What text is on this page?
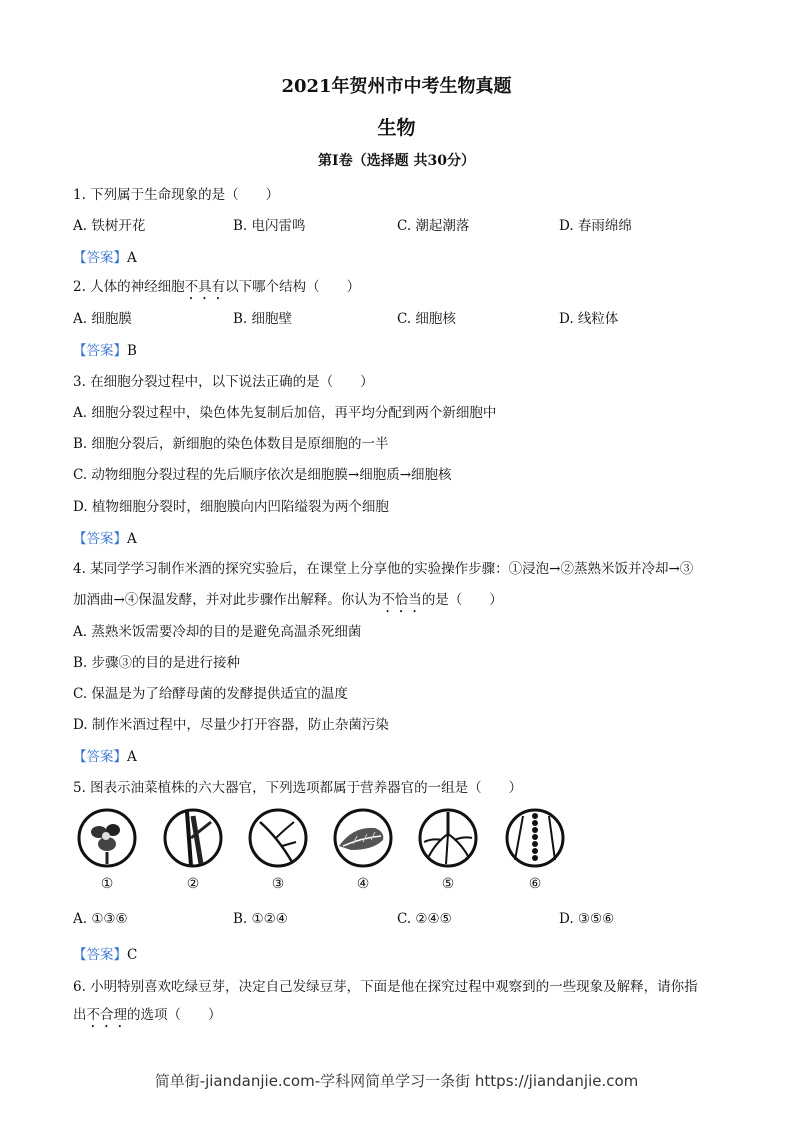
2021年贺州市中考生物真题
生物
第I卷（选择题 共30分）
1. 下列属于生命现象的是（　　）
A. 铁树开花	B. 电闪雷鸣	C. 潮起潮落	D. 春雨绵绵
【答案】A
2. 人体的神经细胞不具有以下哪个结构（　　）
A. 细胞膜	B. 细胞壁	C. 细胞核	D. 线粒体
【答案】B
3. 在细胞分裂过程中，以下说法正确的是（　　）
A. 细胞分裂过程中，染色体先复制后加倍，再平均分配到两个新细胞中
B. 细胞分裂后，新细胞的染色体数目是原细胞的一半
C. 动物细胞分裂过程的先后顺序依次是细胞膜→细胞质→细胞核
D. 植物细胞分裂时，细胞膜向内凹陷缢裂为两个细胞
【答案】A
4. 某同学学习制作米酒的探究实验后，在课堂上分享他的实验操作步骤：①浸泡→②蒸熟米饭并冷却→③
加酒曲→④保温发酵，并对此步骤作出解释。你认为不恰当的是（　　）
A. 蒸熟米饭需要冷却的目的是避免高温杀死细菌
B. 步骤③的目的是进行接种
C. 保温是为了给酵母菌的发酵提供适宜的温度
D. 制作米酒过程中，尽量少打开容器，防止杂菌污染
【答案】A
5. 图表示油菜植株的六大器官，下列选项都属于营养器官的一组是（　　）
①	②	③	④	⑤	⑥
A. ①③⑥	B. ①②④	C. ②④⑤	D. ③⑤⑥
【答案】C
6. 小明特别喜欢吃绿豆芽，决定自己发绿豆芽，下面是他在探究过程中观察到的一些现象及解释，请你指
出不合理的选项（　　）
简单街-jiandanjie.com-学科网简单学习一条街 https://jiandanjie.com
